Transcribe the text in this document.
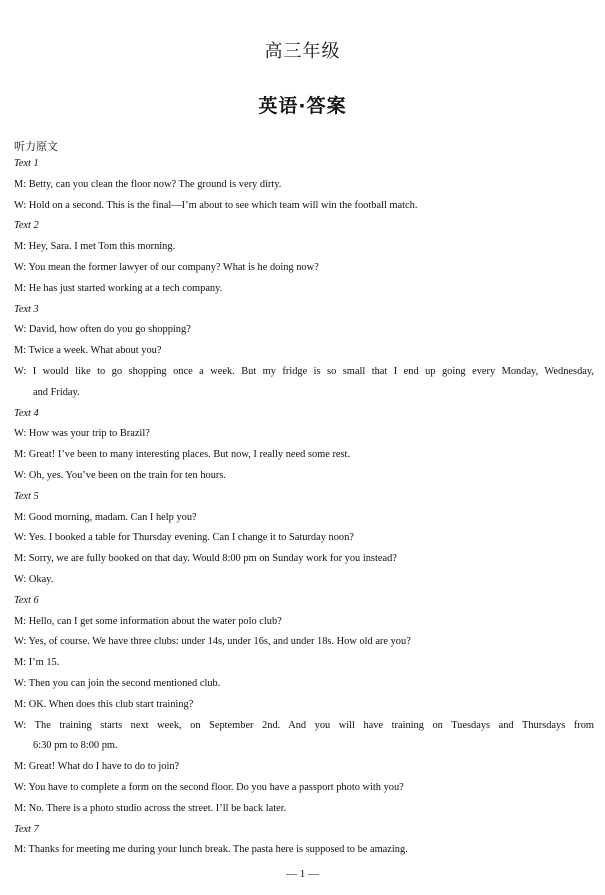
高三年级
英语·答案
听力原文
Text 1
M: Betty, can you clean the floor now? The ground is very dirty.
W: Hold on a second. This is the final—I’m about to see which team will win the football match.
Text 2
M: Hey, Sara. I met Tom this morning.
W: You mean the former lawyer of our company? What is he doing now?
M: He has just started working at a tech company.
Text 3
W: David, how often do you go shopping?
M: Twice a week. What about you?
W: I would like to go shopping once a week. But my fridge is so small that I end up going every Monday, Wednesday,
and Friday.
Text 4
W: How was your trip to Brazil?
M: Great! I’ve been to many interesting places. But now, I really need some rest.
W: Oh, yes. You’ve been on the train for ten hours.
Text 5
M: Good morning, madam. Can I help you?
W: Yes. I booked a table for Thursday evening. Can I change it to Saturday noon?
M: Sorry, we are fully booked on that day. Would 8:00 pm on Sunday work for you instead?
W: Okay.
Text 6
M: Hello, can I get some information about the water polo club?
W: Yes, of course. We have three clubs: under 14s, under 16s, and under 18s. How old are you?
M: I’m 15.
W: Then you can join the second mentioned club.
M: OK. When does this club start training?
W: The training starts next week, on September 2nd. And you will have training on Tuesdays and Thursdays from
6:30 pm to 8:00 pm.
M: Great! What do I have to do to join?
W: You have to complete a form on the second floor. Do you have a passport photo with you?
M: No. There is a photo studio across the street. I’ll be back later.
Text 7
M: Thanks for meeting me during your lunch break. The pasta here is supposed to be amazing.
— 1 —
